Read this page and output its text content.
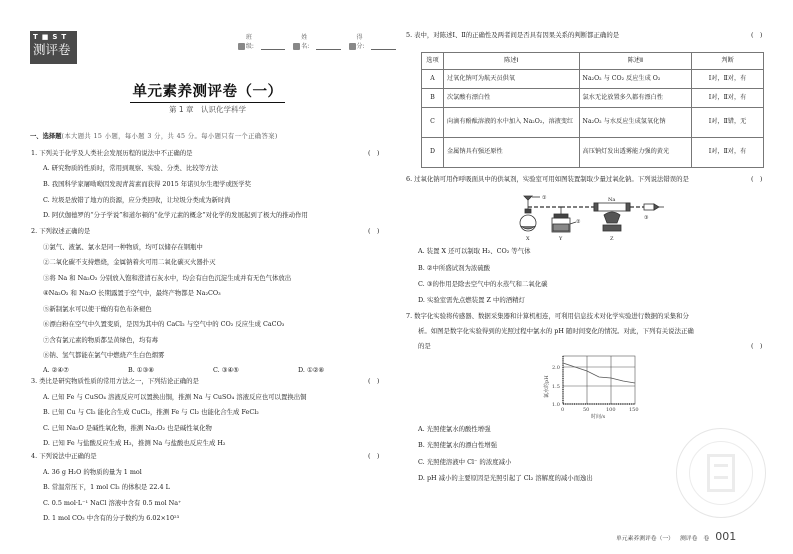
T■ST
测评卷
班级:
姓名:
得分:
单元素养测评卷（一）
第 1 章　认识化学科学
一、选择题(本大题共 15 小题，每小题 3 分，共 45 分。每小题只有一个正确答案)
1. 下列关于化学及人类社会发展历程的说法中不正确的是	(　)
A. 研究物质的性质时，常用到观察、实验、分类、比较等方法
B. 我国科学家屠呦呦因发现青蒿素而获得 2015 年诺贝尔生理学或医学奖
C. 垃圾是放错了地方的资源，应分类回收，让垃圾分类成为新时尚
D. 阿伏伽德罗的“分子学说”和道尔顿的“化学元素的概念”对化学的发展起到了极大的推动作用
2. 下列叙述正确的是	(　)
①氯气、液氯、氯水是同一种物质，均可以储存在钢瓶中
②二氧化碳不支持燃烧，金属钠着火可用二氧化碳灭火器扑灭
③将 Na 和 Na₂O₂ 分别放入饱和澄清石灰水中，均会有白色沉淀生成并有无色气体放出
④Na₂O₂ 和 Na₂O 长期露置于空气中，最终产物都是 Na₂CO₃
⑤新制氯水可以使干燥的有色布条褪色
⑥漂白粉在空气中久置变质，是因为其中的 CaCl₂ 与空气中的 CO₂ 反应生成 CaCO₃
⑦含有氯元素的物质都呈黄绿色，均有毒
⑧钠、氢气都能在氯气中燃烧产生白色烟雾
A. ②④⑦	B. ①③⑧	C. ③④⑤	D. ①②⑧
3. 类比是研究物质性质的常用方法之一，下列结论正确的是	(　)
A. 已知 Fe 与 CuSO₄ 溶液反应可以置换出铜，推测 Na 与 CuSO₄ 溶液反应也可以置换出铜
B. 已知 Cu 与 Cl₂ 能化合生成 CuCl₂，推测 Fe 与 Cl₂ 也能化合生成 FeCl₂
C. 已知 Na₂O 是碱性氧化物，推测 Na₂O₂ 也是碱性氧化物
D. 已知 Fe 与盐酸反应生成 H₂，推测 Na 与盐酸也反应生成 H₂
4. 下列说法中正确的是	(　)
A. 36 g H₂O 的物质的量为 1 mol
B. 常温常压下，1 mol Cl₂ 的体积是 22.4 L
C. 0.5 mol·L⁻¹ NaCl 溶液中含有 0.5 mol Na⁺
D. 1 mol CO₂ 中含有的分子数约为 6.02×10²³
5. 表中，对陈述Ⅰ、Ⅱ的正确性及两者间是否具有因果关系的判断都正确的是	(　)
选项	陈述Ⅰ	陈述Ⅱ	判断
A	过氧化钠可为航天员供氧	Na₂O₂ 与 CO₂ 反应生成 O₂	Ⅰ对，Ⅱ对，有
B	次氯酸有漂白性	氯水无论放置多久都有漂白性	Ⅰ对，Ⅱ对，有
C	向滴有酚酞溶液的水中加入 Na₂O₂，溶液变红	Na₂O₂ 与水反应生成氢氧化钠	Ⅰ对，Ⅱ错，无
D	金属钠具有强还原性	高压钠灯发出透雾能力强的黄光	Ⅰ对，Ⅱ对，有
6. 过氧化钠可用作呼吸面具中的供氧剂，实验室可用如图装置制取少量过氧化钠。下列说法错误的是	(　)
①
②
③
Na
X	Y	Z
A. 装置 X 还可以制取 H₂、CO₂ 等气体
B. ②中所盛试剂为浓硫酸
C. ③的作用是除去空气中的水蒸气和二氧化碳
D. 实验室需先点燃装置 Z 中的酒精灯
7. 数字化实验将传感器、数据采集器和计算机相连，可利用信息技术对化学实验进行数据的采集和分
析。如图是数字化实验得到的光照过程中氯水的 pH 随时间变化的情况。对此，下列有关说法正确
的是	(　)
2.0
1.5
1.0
0	50	100	150
时间/s
氯水的pH
A. 光照使氯水的酸性增强
B. 光照使氯水的漂白性增强
C. 光照使溶液中 Cl⁻ 的浓度减小
D. pH 减小的主要原因是光照引起了 Cl₂ 溶解度的减小而逸出
单元素养测评卷（一） 测评卷 卷 001
